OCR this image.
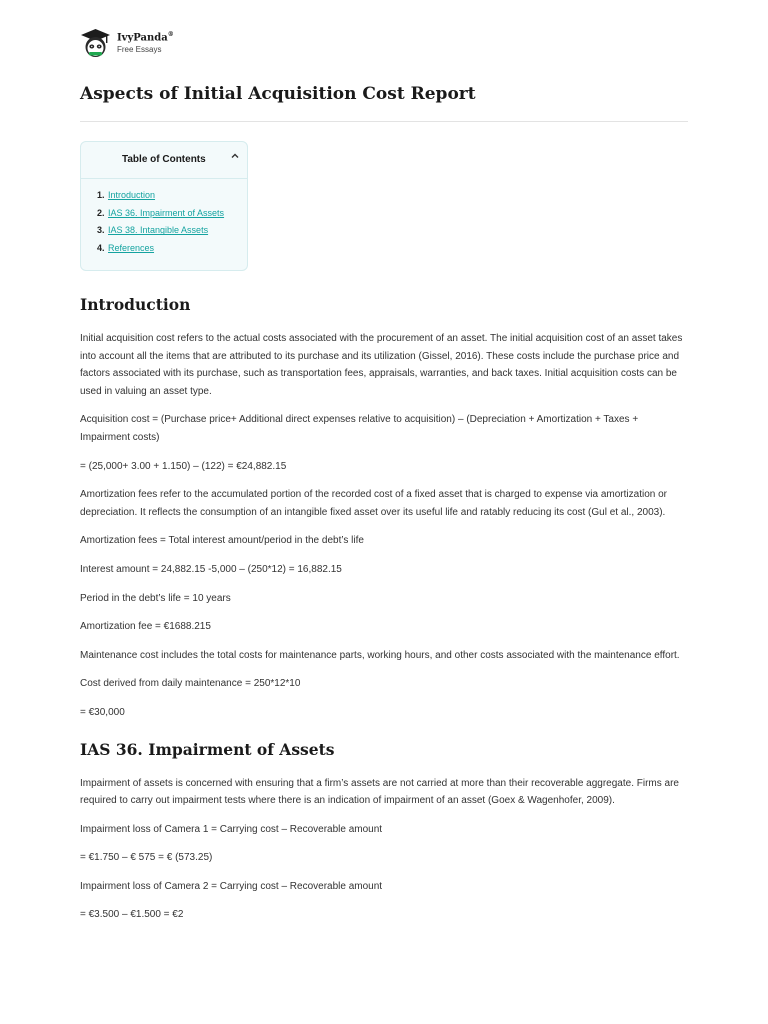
IvyPanda®
Free Essays
Aspects of Initial Acquisition Cost Report
Table of Contents
1. Introduction
2. IAS 36. Impairment of Assets
3. IAS 38. Intangible Assets
4. References
Introduction

Initial acquisition cost refers to the actual costs associated with the procurement of an asset. The initial acquisition cost of an asset takes into account all the items that are attributed to its purchase and its utilization (Gissel, 2016). These costs include the purchase price and factors associated with its purchase, such as transportation fees, appraisals, warranties, and back taxes. Initial acquisition costs can be used in valuing an asset type.

Acquisition cost = (Purchase price+ Additional direct expenses relative to acquisition) – (Depreciation + Amortization + Taxes + Impairment costs)

= (25,000+ 3.00 + 1.150) – (122) = €24,882.15

Amortization fees refer to the accumulated portion of the recorded cost of a fixed asset that is charged to expense via amortization or depreciation. It reflects the consumption of an intangible fixed asset over its useful life and ratably reducing its cost (Gul et al., 2003).

Amortization fees = Total interest amount/period in the debt’s life

Interest amount = 24,882.15 -5,000 – (250*12) = 16,882.15

Period in the debt’s life = 10 years

Amortization fee = €1688.215

Maintenance cost includes the total costs for maintenance parts, working hours, and other costs associated with the maintenance effort.

Cost derived from daily maintenance = 250*12*10

= €30,000

IAS 36. Impairment of Assets

Impairment of assets is concerned with ensuring that a firm’s assets are not carried at more than their recoverable aggregate. Firms are required to carry out impairment tests where there is an indication of impairment of an asset (Goex & Wagenhofer, 2009).

Impairment loss of Camera 1 = Carrying cost – Recoverable amount

= €1.750 – € 575 = € (573.25)

Impairment loss of Camera 2 = Carrying cost – Recoverable amount

= €3.500 – €1.500 = €2
